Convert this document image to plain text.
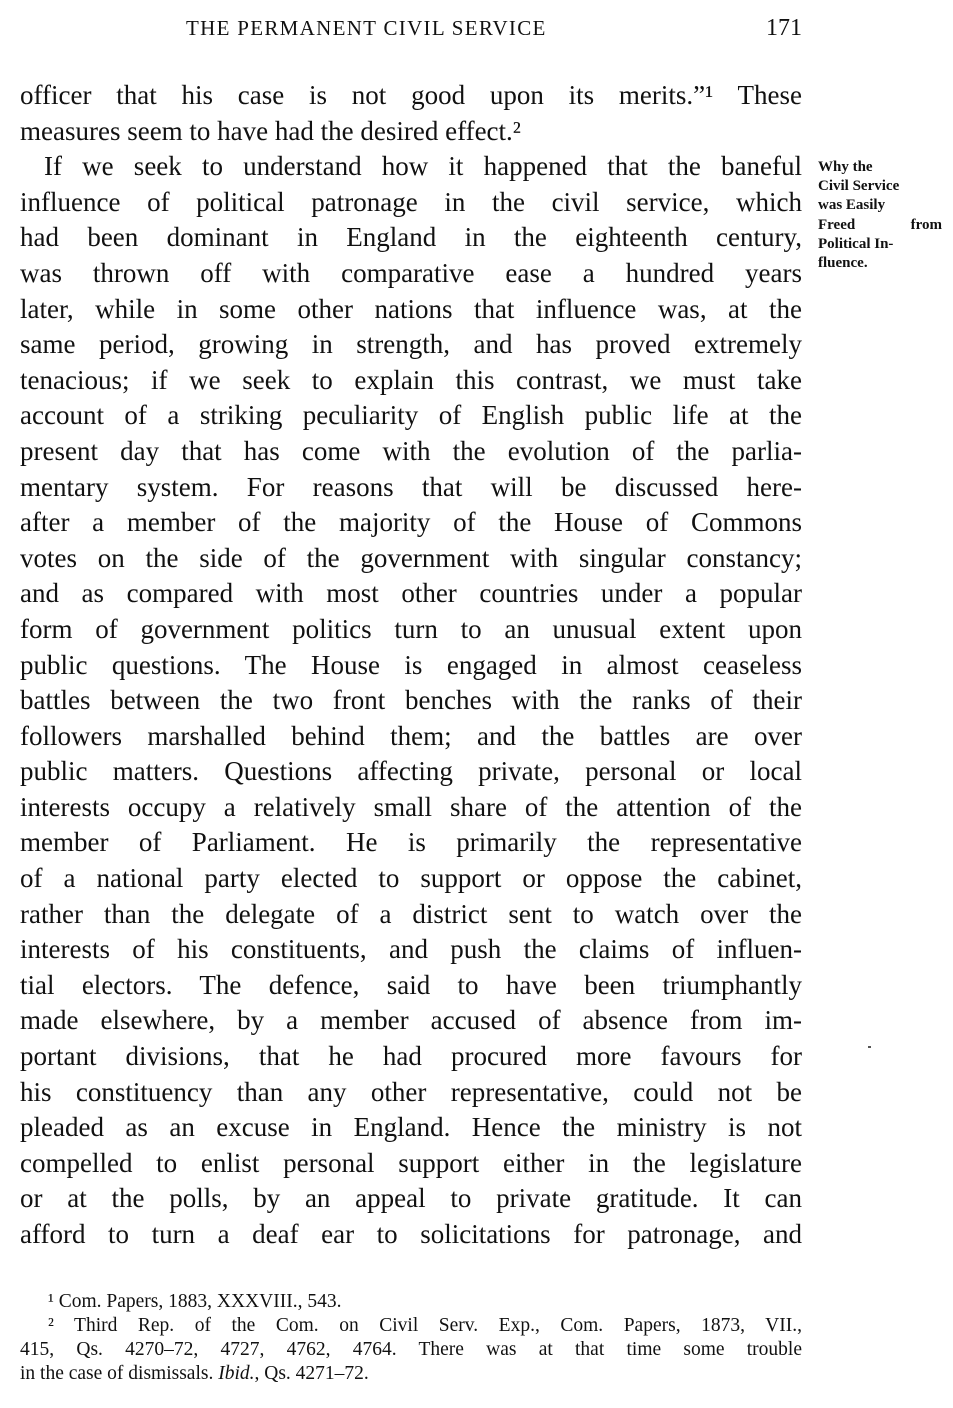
THE PERMANENT CIVIL SERVICE	171
officer that his case is not good upon its merits.”¹ These
measures seem to have had the desired effect.²
If we seek to understand how it happened that the baneful
influence of political patronage in the civil service, which
had been dominant in England in the eighteenth century,
was thrown off with comparative ease a hundred years
later, while in some other nations that influence was, at the
same period, growing in strength, and has proved extremely
tenacious; if we seek to explain this contrast, we must take
account of a striking peculiarity of English public life at the
present day that has come with the evolution of the parlia-
mentary system. For reasons that will be discussed here-
after a member of the majority of the House of Commons
votes on the side of the government with singular constancy;
and as compared with most other countries under a popular
form of government politics turn to an unusual extent upon
public questions. The House is engaged in almost ceaseless
battles between the two front benches with the ranks of their
followers marshalled behind them; and the battles are over
public matters. Questions affecting private, personal or local
interests occupy a relatively small share of the attention of the
member of Parliament. He is primarily the representative
of a national party elected to support or oppose the cabinet,
rather than the delegate of a district sent to watch over the
interests of his constituents, and push the claims of influen-
tial electors. The defence, said to have been triumphantly
made elsewhere, by a member accused of absence from im-
portant divisions, that he had procured more favours for
his constituency than any other representative, could not be
pleaded as an excuse in England. Hence the ministry is not
compelled to enlist personal support either in the legislature
or at the polls, by an appeal to private gratitude. It can
afford to turn a deaf ear to solicitations for patronage, and
Why the
Civil Service
was Easily
Freed from
Political In-
fluence.
¹ Com. Papers, 1883, XXXVIII., 543.
² Third Rep. of the Com. on Civil Serv. Exp., Com. Papers, 1873, VII.,
415, Qs. 4270–72, 4727, 4762, 4764. There was at that time some trouble
in the case of dismissals. Ibid., Qs. 4271–72.
